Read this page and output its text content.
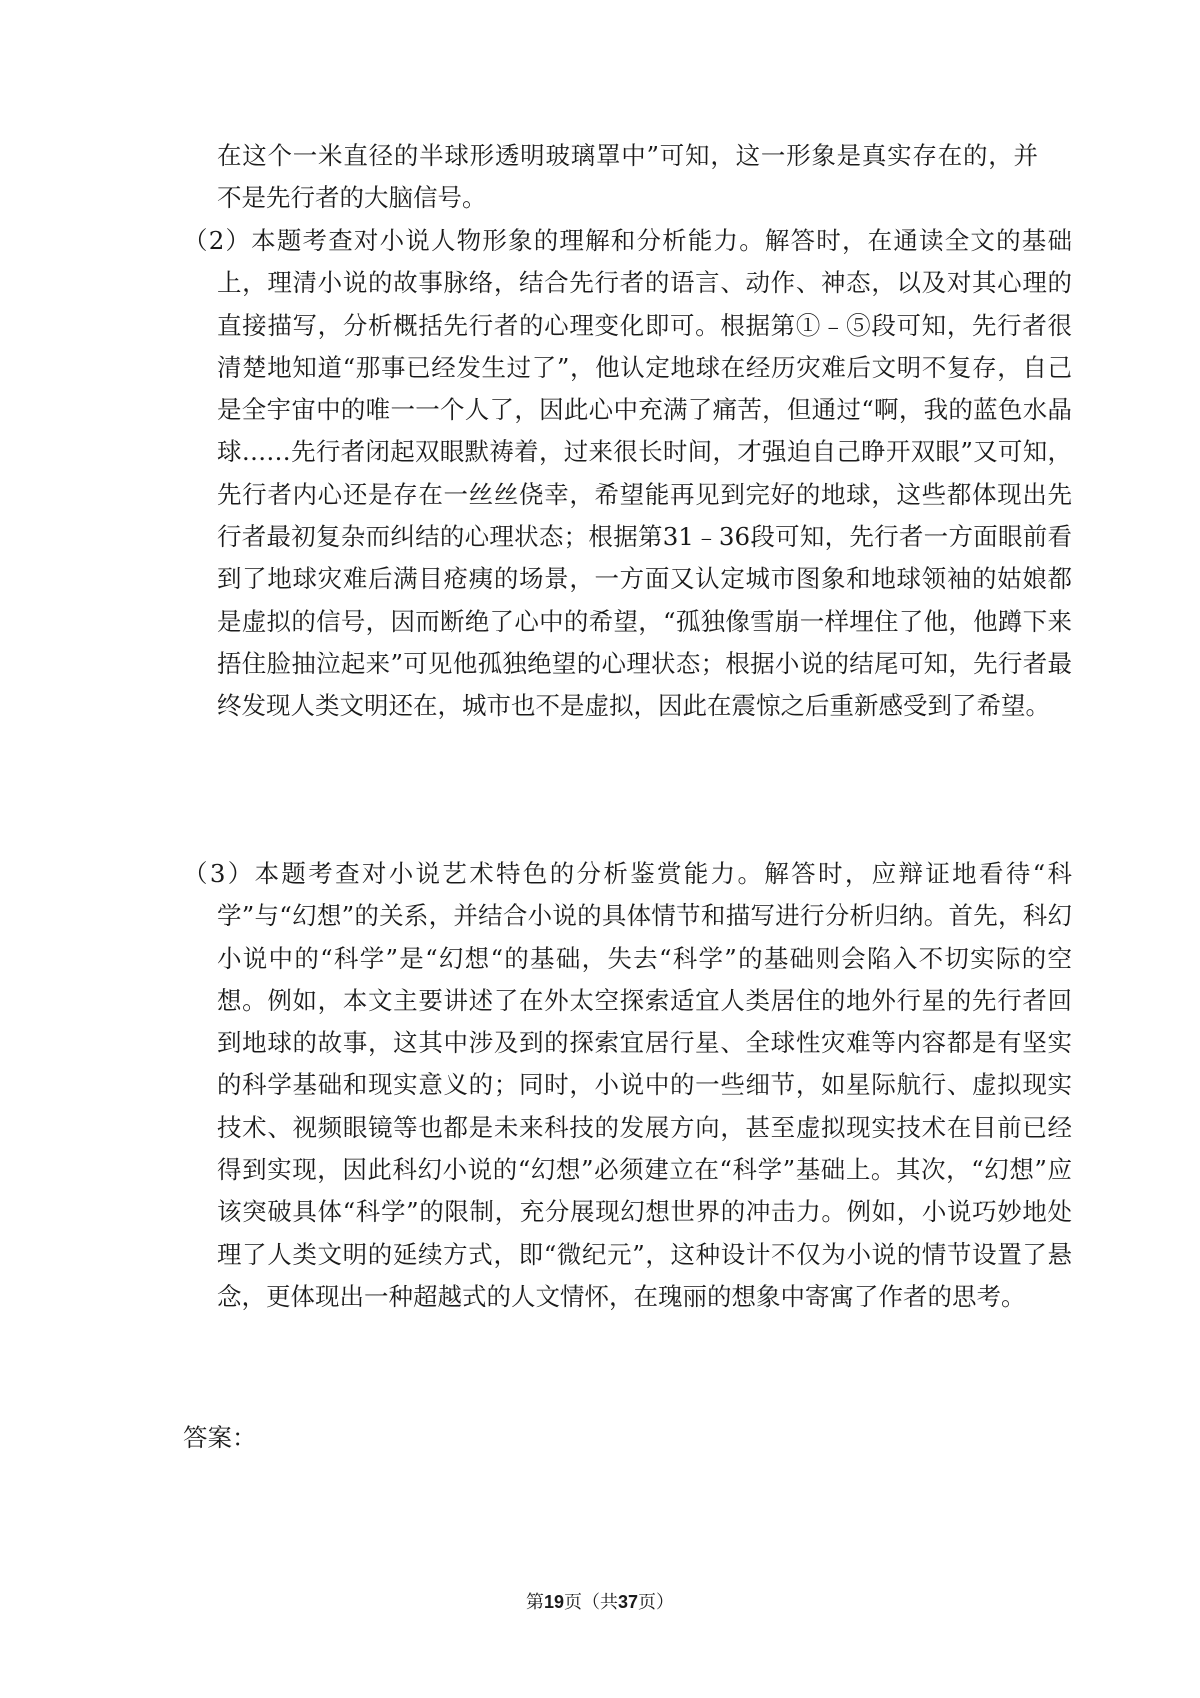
在这个一米直径的半球形透明玻璃罩中”可知，这一形象是真实存在的，并不是先行者的大脑信号。
（2）本题考查对小说人物形象的理解和分析能力。解答时，在通读全文的基础上，理清小说的故事脉络，结合先行者的语言、动作、神态，以及对其心理的直接描写，分析概括先行者的心理变化即可。根据第①﹣⑤段可知，先行者很清楚地知道“那事已经发生过了”，他认定地球在经历灾难后文明不复存，自己是全宇宙中的唯一一个人了，因此心中充满了痛苦，但通过“啊，我的蓝色水晶球……先行者闭起双眼默祷着，过来很长时间，才强迫自己睁开双眼”又可知，先行者内心还是存在一丝丝侥幸，希望能再见到完好的地球，这些都体现出先行者最初复杂而纠结的心理状态；根据第31﹣36段可知，先行者一方面眼前看到了地球灾难后满目疮痍的场景，一方面又认定城市图象和地球领袖的姑娘都是虚拟的信号，因而断绝了心中的希望，“孤独像雪崩一样埋住了他，他蹲下来捂住脸抽泣起来”可见他孤独绝望的心理状态；根据小说的结尾可知，先行者最终发现人类文明还在，城市也不是虚拟，因此在震惊之后重新感受到了希望。
（3）本题考查对小说艺术特色的分析鉴赏能力。解答时，应辩证地看待“科学”与“幻想”的关系，并结合小说的具体情节和描写进行分析归纳。首先，科幻小说中的“科学”是“幻想“的基础，失去“科学”的基础则会陷入不切实际的空想。例如，本文主要讲述了在外太空探索适宜人类居住的地外行星的先行者回到地球的故事，这其中涉及到的探索宜居行星、全球性灾难等内容都是有坚实的科学基础和现实意义的；同时，小说中的一些细节，如星际航行、虚拟现实技术、视频眼镜等也都是未来科技的发展方向，甚至虚拟现实技术在目前已经得到实现，因此科幻小说的“幻想”必须建立在“科学”基础上。其次，“幻想”应该突破具体“科学”的限制，充分展现幻想世界的冲击力。例如，小说巧妙地处理了人类文明的延续方式，即“微纪元”，这种设计不仅为小说的情节设置了悬念，更体现出一种超越式的人文情怀，在瑰丽的想象中寄寓了作者的思考。
答案：
第19页（共37页）
